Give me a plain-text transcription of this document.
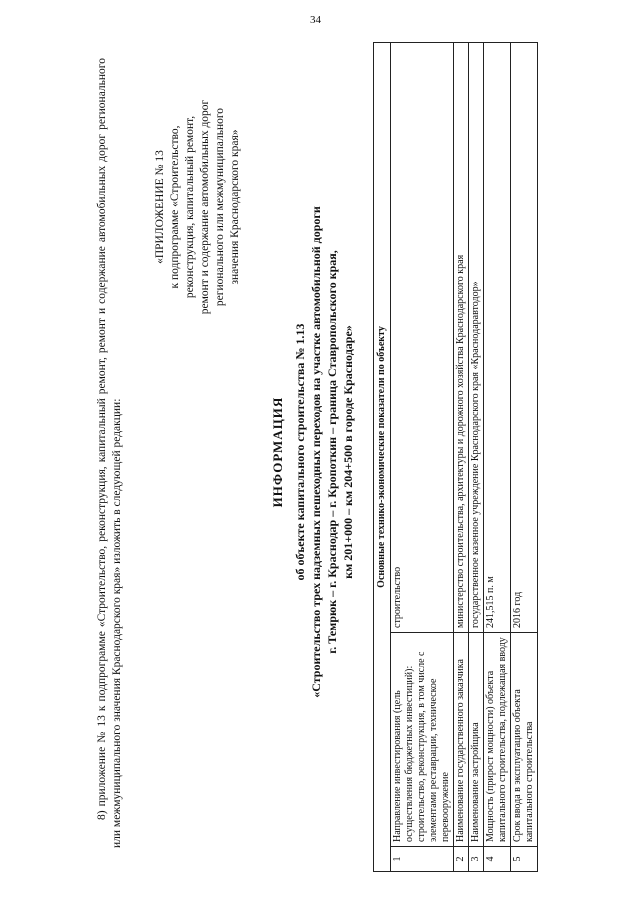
34
8) приложение № 13 к подпрограмме «Строительство, реконструкция, капитальный ремонт, ремонт и содержание автомобильных дорог регионального или межмуниципального значения Краснодарского края» изложить в следующей редакции:
«ПРИЛОЖЕНИЕ № 13 к подпрограмме «Строительство, реконструкция, капитальный ремонт, ремонт и содержание автомобильных дорог регионального или межмуниципального значения Краснодарского края»
ИНФОРМАЦИЯ об объекте капитального строительства № 1.13 «Строительство трех надземных пешеходных переходов на участке автомобильной дороги г. Темрюк – г. Краснодар – г. Кропоткин – граница Ставропольского края, км 201+000 – км 204+500 в городе Краснодаре» Основные технико-экономические показатели по объекту		
1	Направление инвестирования (цель осуществления бюджетных инвестиций): строительство, реконструкция, в том числе с элементами реставрации, техническое перевооружение	строительство
2	Наименование государственного заказчика	министерство строительства, архитектуры и дорожного хозяйства Краснодарского края
3	Наименование застройщика	государственное казенное учреждение Краснодарского края «Краснодаравтодор»
4	Мощность (прирост мощности) объекта капитального строительства, подлежащая вводу	241,515 п. м
5	Срок ввода в эксплуатацию объекта капитального строительства	2016 год
